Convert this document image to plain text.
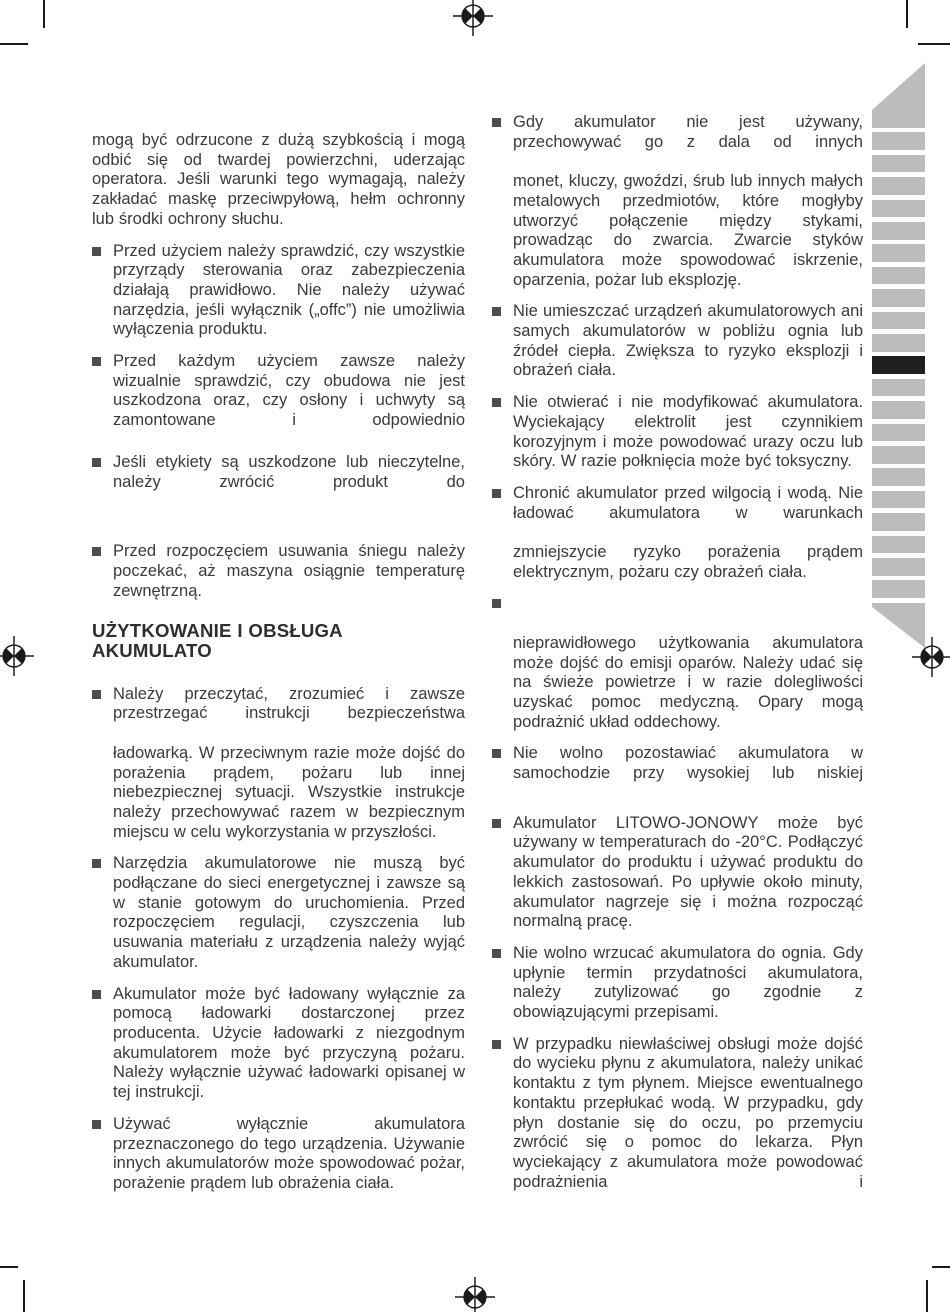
mogą być odrzucone z dużą szybkością i mogą odbić się od twardej powierzchni, uderzając operatora. Jeśli warunki tego wymagają, należy zakładać maskę przeciwpyłową, hełm ochronny lub środki ochrony słuchu.
Przed użyciem należy sprawdzić, czy wszystkie przyrządy sterowania oraz zabezpieczenia działają prawidłowo. Nie należy używać narzędzia, jeśli wyłącznik („offc”) nie umożliwia wyłączenia produktu.
Przed każdym użyciem zawsze należy wizualnie sprawdzić, czy obudowa nie jest uszkodzona oraz, czy osłony i uchwyty są zamontowane i odpowiednio
Jeśli etykiety są uszkodzone lub nieczytelne, należy zwrócić produkt do
Przed rozpoczęciem usuwania śniegu należy poczekać, aż maszyna osiągnie temperaturę zewnętrzną.
UŻYTKOWANIE I OBSŁUGA AKUMULATO
Należy przeczytać, zrozumieć i zawsze przestrzegać instrukcji bezpieczeństwa
ładowarką. W przeciwnym razie może dojść do porażenia prądem, pożaru lub innej niebezpiecznej sytuacji. Wszystkie instrukcje należy przechowywać razem w bezpiecznym miejscu w celu wykorzystania w przyszłości.
Narzędzia akumulatorowe nie muszą być podłączane do sieci energetycznej i zawsze są w stanie gotowym do uruchomienia. Przed rozpoczęciem regulacji, czyszczenia lub usuwania materiału z urządzenia należy wyjąć akumulator.
Akumulator może być ładowany wyłącznie za pomocą ładowarki dostarczonej przez producenta. Użycie ładowarki z niezgodnym akumulatorem może być przyczyną pożaru. Należy wyłącznie używać ładowarki opisanej w tej instrukcji.
Używać wyłącznie akumulatora przeznaczonego do tego urządzenia. Używanie innych akumulatorów może spowodować pożar, porażenie prądem lub obrażenia ciała.
Gdy akumulator nie jest używany, przechowywać go z dala od innych
monet, kluczy, gwoździ, śrub lub innych małych metalowych przedmiotów, które mogłyby utworzyć połączenie między stykami, prowadząc do zwarcia. Zwarcie styków akumulatora może spowodować iskrzenie, oparzenia, pożar lub eksplozję.
Nie umieszczać urządzeń akumulatorowych ani samych akumulatorów w pobliżu ognia lub źródeł ciepła. Zwiększa to ryzyko eksplozji i obrażeń ciała.
Nie otwierać i nie modyfikować akumulatora. Wyciekający elektrolit jest czynnikiem korozyjnym i może powodować urazy oczu lub skóry. W razie połknięcia może być toksyczny.
Chronić akumulator przed wilgocią i wodą. Nie ładować akumulatora w warunkach
zmniejszycie ryzyko porażenia prądem elektrycznym, pożaru czy obrażeń ciała.
nieprawidłowego użytkowania akumulatora może dojść do emisji oparów. Należy udać się na świeże powietrze i w razie dolegliwości uzyskać pomoc medyczną. Opary mogą podrażnić układ oddechowy.
Nie wolno pozostawiać akumulatora w samochodzie przy wysokiej lub niskiej
Akumulator LITOWO-JONOWY może być używany w temperaturach do -20°C. Podłączyć akumulator do produktu i używać produktu do lekkich zastosowań. Po upływie około minuty, akumulator nagrzeje się i można rozpocząć normalną pracę.
Nie wolno wrzucać akumulatora do ognia. Gdy upłynie termin przydatności akumulatora, należy zutylizować go zgodnie z obowiązującymi przepisami.
W przypadku niewłaściwej obsługi może dojść do wycieku płynu z akumulatora, należy unikać kontaktu z tym płynem. Miejsce ewentualnego kontaktu przepłukać wodą. W przypadku, gdy płyn dostanie się do oczu, po przemyciu zwrócić się o pomoc do lekarza. Płyn wyciekający z akumulatora może powodować podrażnienia i
